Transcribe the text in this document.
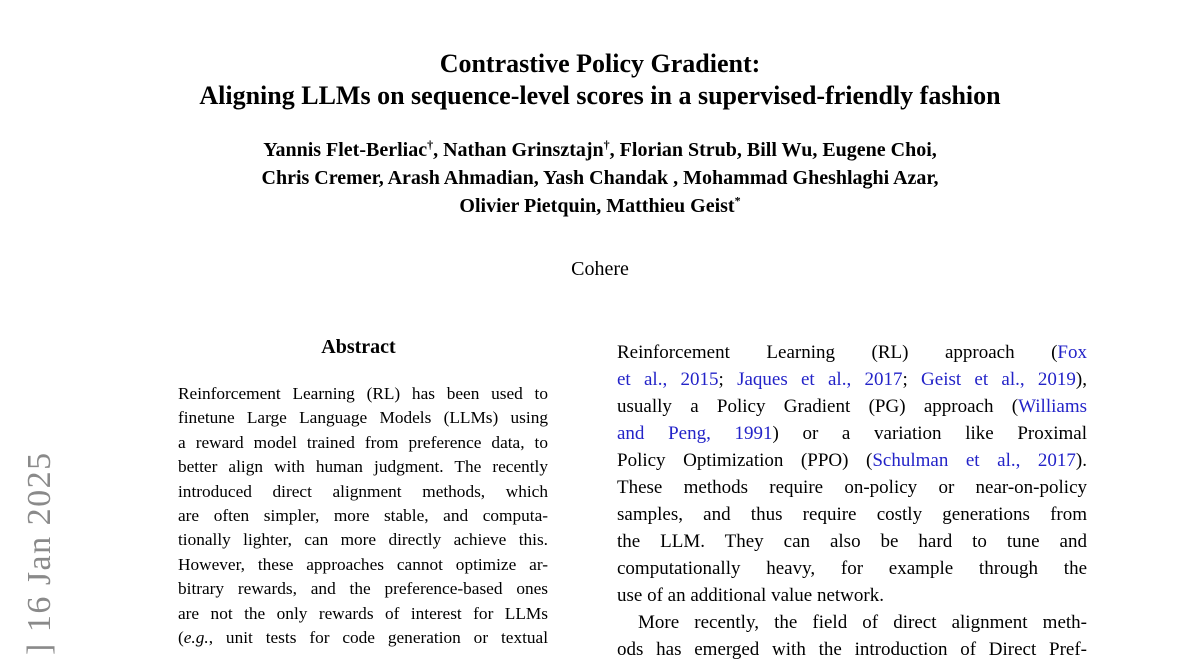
] 16 Jan 2025
Contrastive Policy Gradient:
Aligning LLMs on sequence-level scores in a supervised-friendly fashion
Yannis Flet-Berliac†, Nathan Grinsztajn†, Florian Strub, Bill Wu, Eugene Choi,
Chris Cremer, Arash Ahmadian, Yash Chandak , Mohammad Gheshlaghi Azar,
Olivier Pietquin, Matthieu Geist*
Cohere
Abstract
Reinforcement Learning (RL) has been used to
finetune Large Language Models (LLMs) using
a reward model trained from preference data, to
better align with human judgment. The recently
introduced direct alignment methods, which
are often simpler, more stable, and computa-
tionally lighter, can more directly achieve this.
However, these approaches cannot optimize ar-
bitrary rewards, and the preference-based ones
are not the only rewards of interest for LLMs
(e.g., unit tests for code generation or textual
Reinforcement Learning (RL) approach (Fox
et al., 2015; Jaques et al., 2017; Geist et al., 2019),
usually a Policy Gradient (PG) approach (Williams
and Peng, 1991) or a variation like Proximal
Policy Optimization (PPO) (Schulman et al., 2017).
These methods require on-policy or near-on-policy
samples, and thus require costly generations from
the LLM. They can also be hard to tune and
computationally heavy, for example through the
use of an additional value network.
More recently, the field of direct alignment meth-
ods has emerged with the introduction of Direct Pref-
